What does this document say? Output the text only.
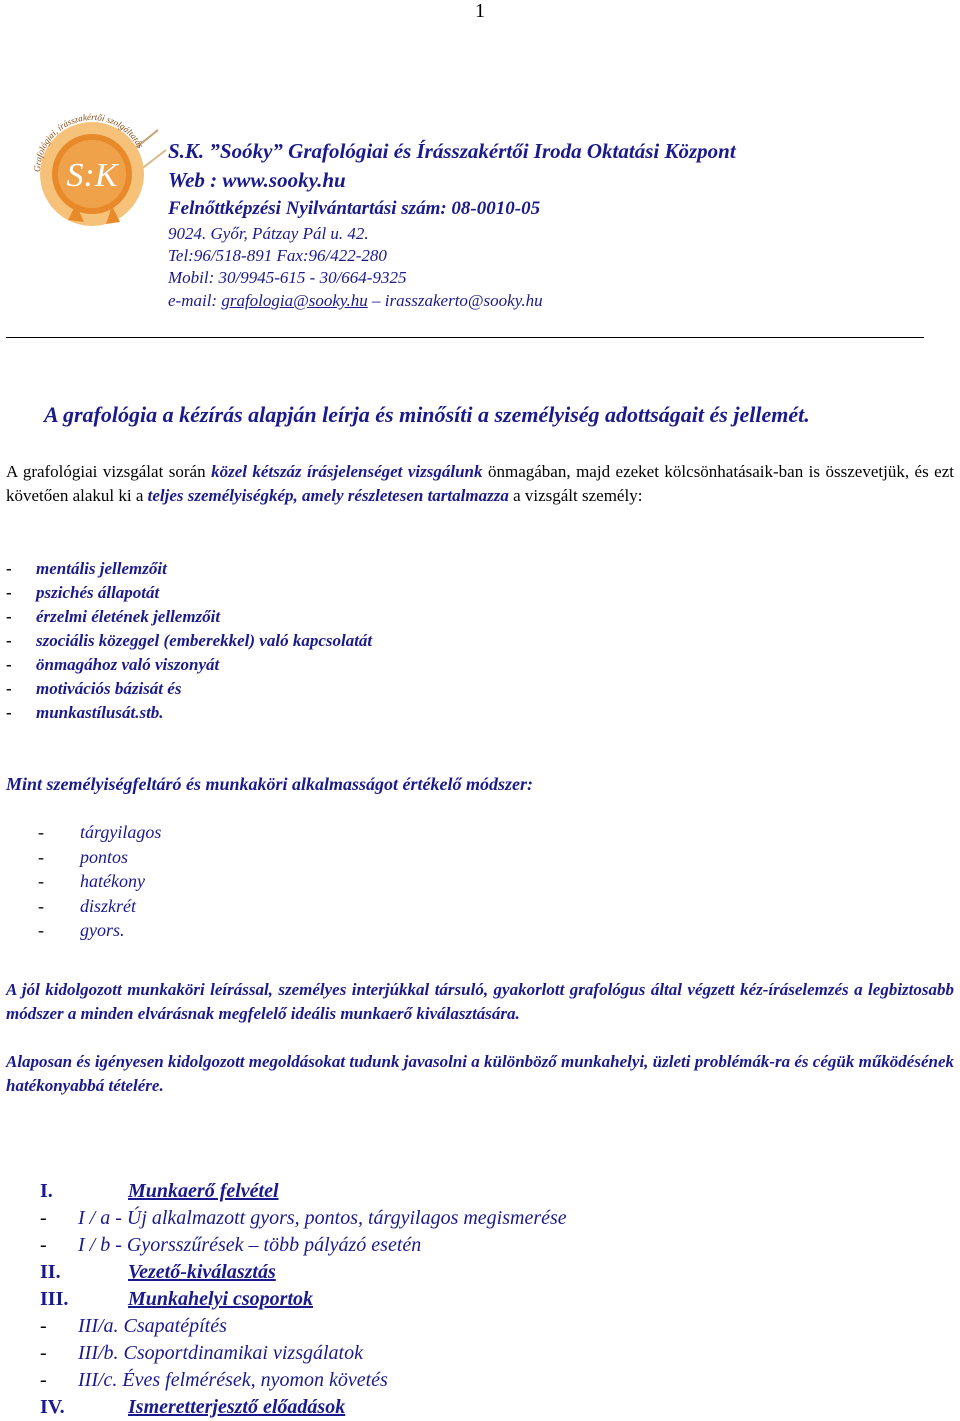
1
Grafológiai, írásszakértői szolgáltatás
S:K
S.K. ”Soóky” Grafológiai és Írásszakértői Iroda Oktatási Központ
Web : www.sooky.hu
Felnőttképzési Nyilvántartási szám: 08-0010-05
9024. Győr, Pátzay Pál u. 42.
Tel:96/518-891 Fax:96/422-280
Mobil: 30/9945-615 - 30/664-9325
e-mail: grafologia@sooky.hu – irasszakerto@sooky.hu
A grafológia a kézírás alapján leírja és minősíti a személyiség adottságait és jellemét.
A grafológiai vizsgálat során közel kétszáz írásjelenséget vizsgálunk önmagában, majd ezeket kölcsönhatásaik-ban is összevetjük, és ezt követően alakul ki a teljes személyiségkép, amely részletesen tartalmazza a vizsgált személy:
-	mentális jellemzőit
-	pszichés állapotát
-	érzelmi életének jellemzőit
-	szociális közeggel (emberekkel) való kapcsolatát
-	önmagához való viszonyát
-	motivációs bázisát és
-	munkastílusát.stb.
Mint személyiségfeltáró és munkaköri alkalmasságot értékelő módszer:
-	tárgyilagos
-	pontos
-	hatékony
-	diszkrét
-	gyors.
A jól kidolgozott munkaköri leírással, személyes interjúkkal társuló, gyakorlott grafológus által végzett kéz-íráselemzés a legbiztosabb módszer a minden elvárásnak megfelelő ideális munkaerő kiválasztására.
Alaposan és igényesen kidolgozott megoldásokat tudunk javasolni a különböző munkahelyi, üzleti problémák-ra és cégük működésének hatékonyabbá tételére.
I.	Munkaerő felvétel
-	I / a - Új alkalmazott gyors, pontos, tárgyilagos megismerése
-	I / b - Gyorsszűrések – több pályázó esetén
II.	Vezető-kiválasztás
III.	Munkahelyi csoportok
-	III/a. Csapatépítés
-	III/b. Csoportdinamikai vizsgálatok
-	III/c. Éves felmérések, nyomon követés
IV.	Ismeretterjesztő előadások
